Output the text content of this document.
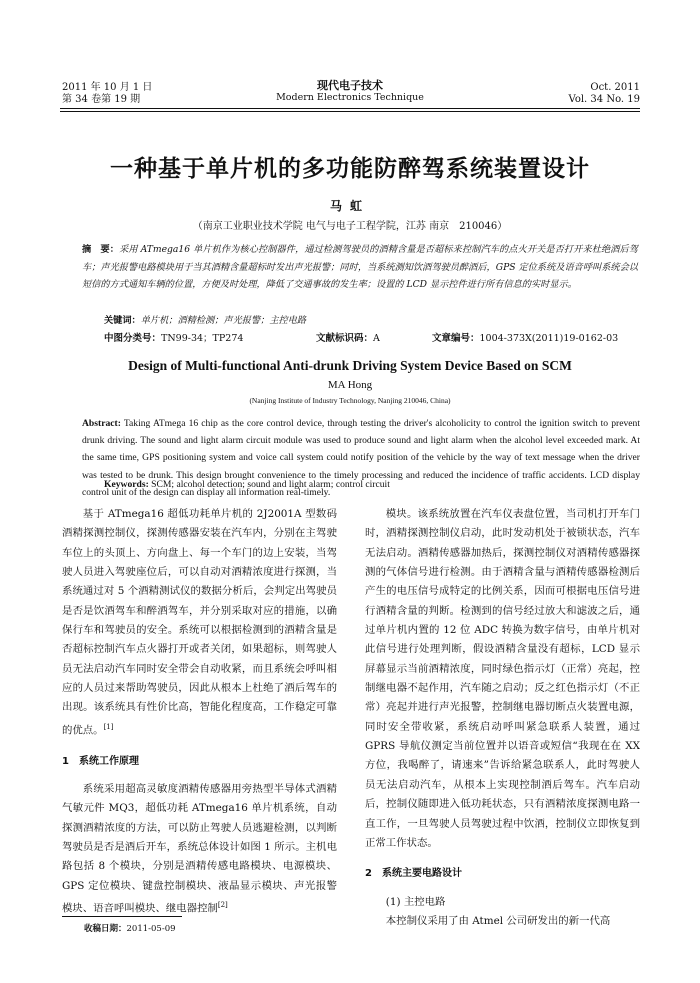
2011 年 10 月 1 日
第 34 卷第 19 期
现代电子技术
Modern Electronics Technique
Oct. 2011
Vol. 34 No. 19
一种基于单片机的多功能防醉驾系统装置设计
马虹
（南京工业职业技术学院 电气与电子工程学院，江苏 南京　210046）
摘　要：采用 ATmega16 单片机作为核心控制器件，通过检测驾驶员的酒精含量是否超标来控制汽车的点火开关是否打开来杜绝酒后驾车；声光报警电路模块用于当其酒精含量超标时发出声光报警；同时，当系统测知饮酒驾驶员醉酒后，GPS 定位系统及语音呼叫系统会以短信的方式通知车辆的位置，方便及时处理，降低了交通事故的发生率；设置的 LCD 显示控件进行所有信息的实时显示。
关键词：单片机；酒精检测；声光报警；主控电路
中图分类号：TN99-34；TP274	文献标识码：A	文章编号：1004-373X(2011)19-0162-03
Design of Multi-functional Anti-drunk Driving System Device Based on SCM
MA Hong
(Nanjing Institute of Industry Technology, Nanjing 210046, China)
Abstract: Taking ATmega 16 chip as the core control device, through testing the driver's alcoholicity to control the ignition switch to prevent drunk driving. The sound and light alarm circuit module was used to produce sound and light alarm when the alcohol level exceeded mark. At the same time, GPS positioning system and voice call system could notify position of the vehicle by the way of text message when the driver was tested to be drunk. This design brought convenience to the timely processing and reduced the incidence of traffic accidents. LCD display control unit of the design can display all information real-timely.
Keywords: SCM; alcohol detection; sound and light alarm; control circuit

基于 ATmega16 超低功耗单片机的 2J2001A 型数码酒精探测控制仪，探测传感器安装在汽车内，分别在主驾驶车位上的头顶上、方向盘上、每一个车门的边上安装，当驾驶人员进入驾驶座位后，可以自动对酒精浓度进行探测，当系统通过对 5 个酒精测试仪的数据分析后，会判定出驾驶员是否是饮酒驾车和醉酒驾车，并分别采取对应的措施，以确保行车和驾驶员的安全。系统可以根据检测到的酒精含量是否超标控制汽车点火器打开或者关闭，如果超标，则驾驶人员无法启动汽车同时安全带会自动收紧，而且系统会呼叫相应的人员过来帮助驾驶员，因此从根本上杜绝了酒后驾车的出现。该系统具有性价比高，智能化程度高，工作稳定可靠的优点。[1]

1　系统工作原理

系统采用超高灵敏度酒精传感器用旁热型半导体式酒精气敏元件 MQ3，超低功耗 ATmega16 单片机系统，自动探测酒精浓度的方法，可以防止驾驶人员逃避检测，以判断驾驶员是否是酒后开车，系统总体设计如图 1 所示。主机电路包括 8 个模块，分别是酒精传感电路模块、电源模块、GPS 定位模块、键盘控制模块、液晶显示模块、声光报警模块、语音呼叫模块、继电器控制[2]

模块。该系统放置在汽车仪表盘位置，当司机打开车门时，酒精探测控制仪启动，此时发动机处于被锁状态，汽车无法启动。酒精传感器加热后，探测控制仪对酒精传感器探测的气体信号进行检测。由于酒精含量与酒精传感器检测后产生的电压信号成特定的比例关系，因而可根据电压信号进行酒精含量的判断。检测到的信号经过放大和滤波之后，通过单片机内置的 12 位 ADC 转换为数字信号，由单片机对此信号进行处理判断，假设酒精含量没有超标，LCD 显示屏幕显示当前酒精浓度，同时绿色指示灯（正常）亮起，控制继电器不起作用，汽车随之启动；反之红色指示灯（不正常）亮起并进行声光报警，控制继电器切断点火装置电源，同时安全带收紧，系统启动呼叫紧急联系人装置，通过 GPRS 导航仪测定当前位置并以语音或短信“我现在在 XX 方位，我喝醉了，请速来”告诉给紧急联系人，此时驾驶人员无法启动汽车，从根本上实现控制酒后驾车。汽车启动后，控制仪随即进入低功耗状态，只有酒精浓度探测电路一直工作，一旦驾驶人员驾驶过程中饮酒，控制仪立即恢复到正常工作状态。

2　系统主要电路设计
(1) 主控电路

本控制仪采用了由 Atmel 公司研发出的新一代高

收稿日期：2011-05-09
